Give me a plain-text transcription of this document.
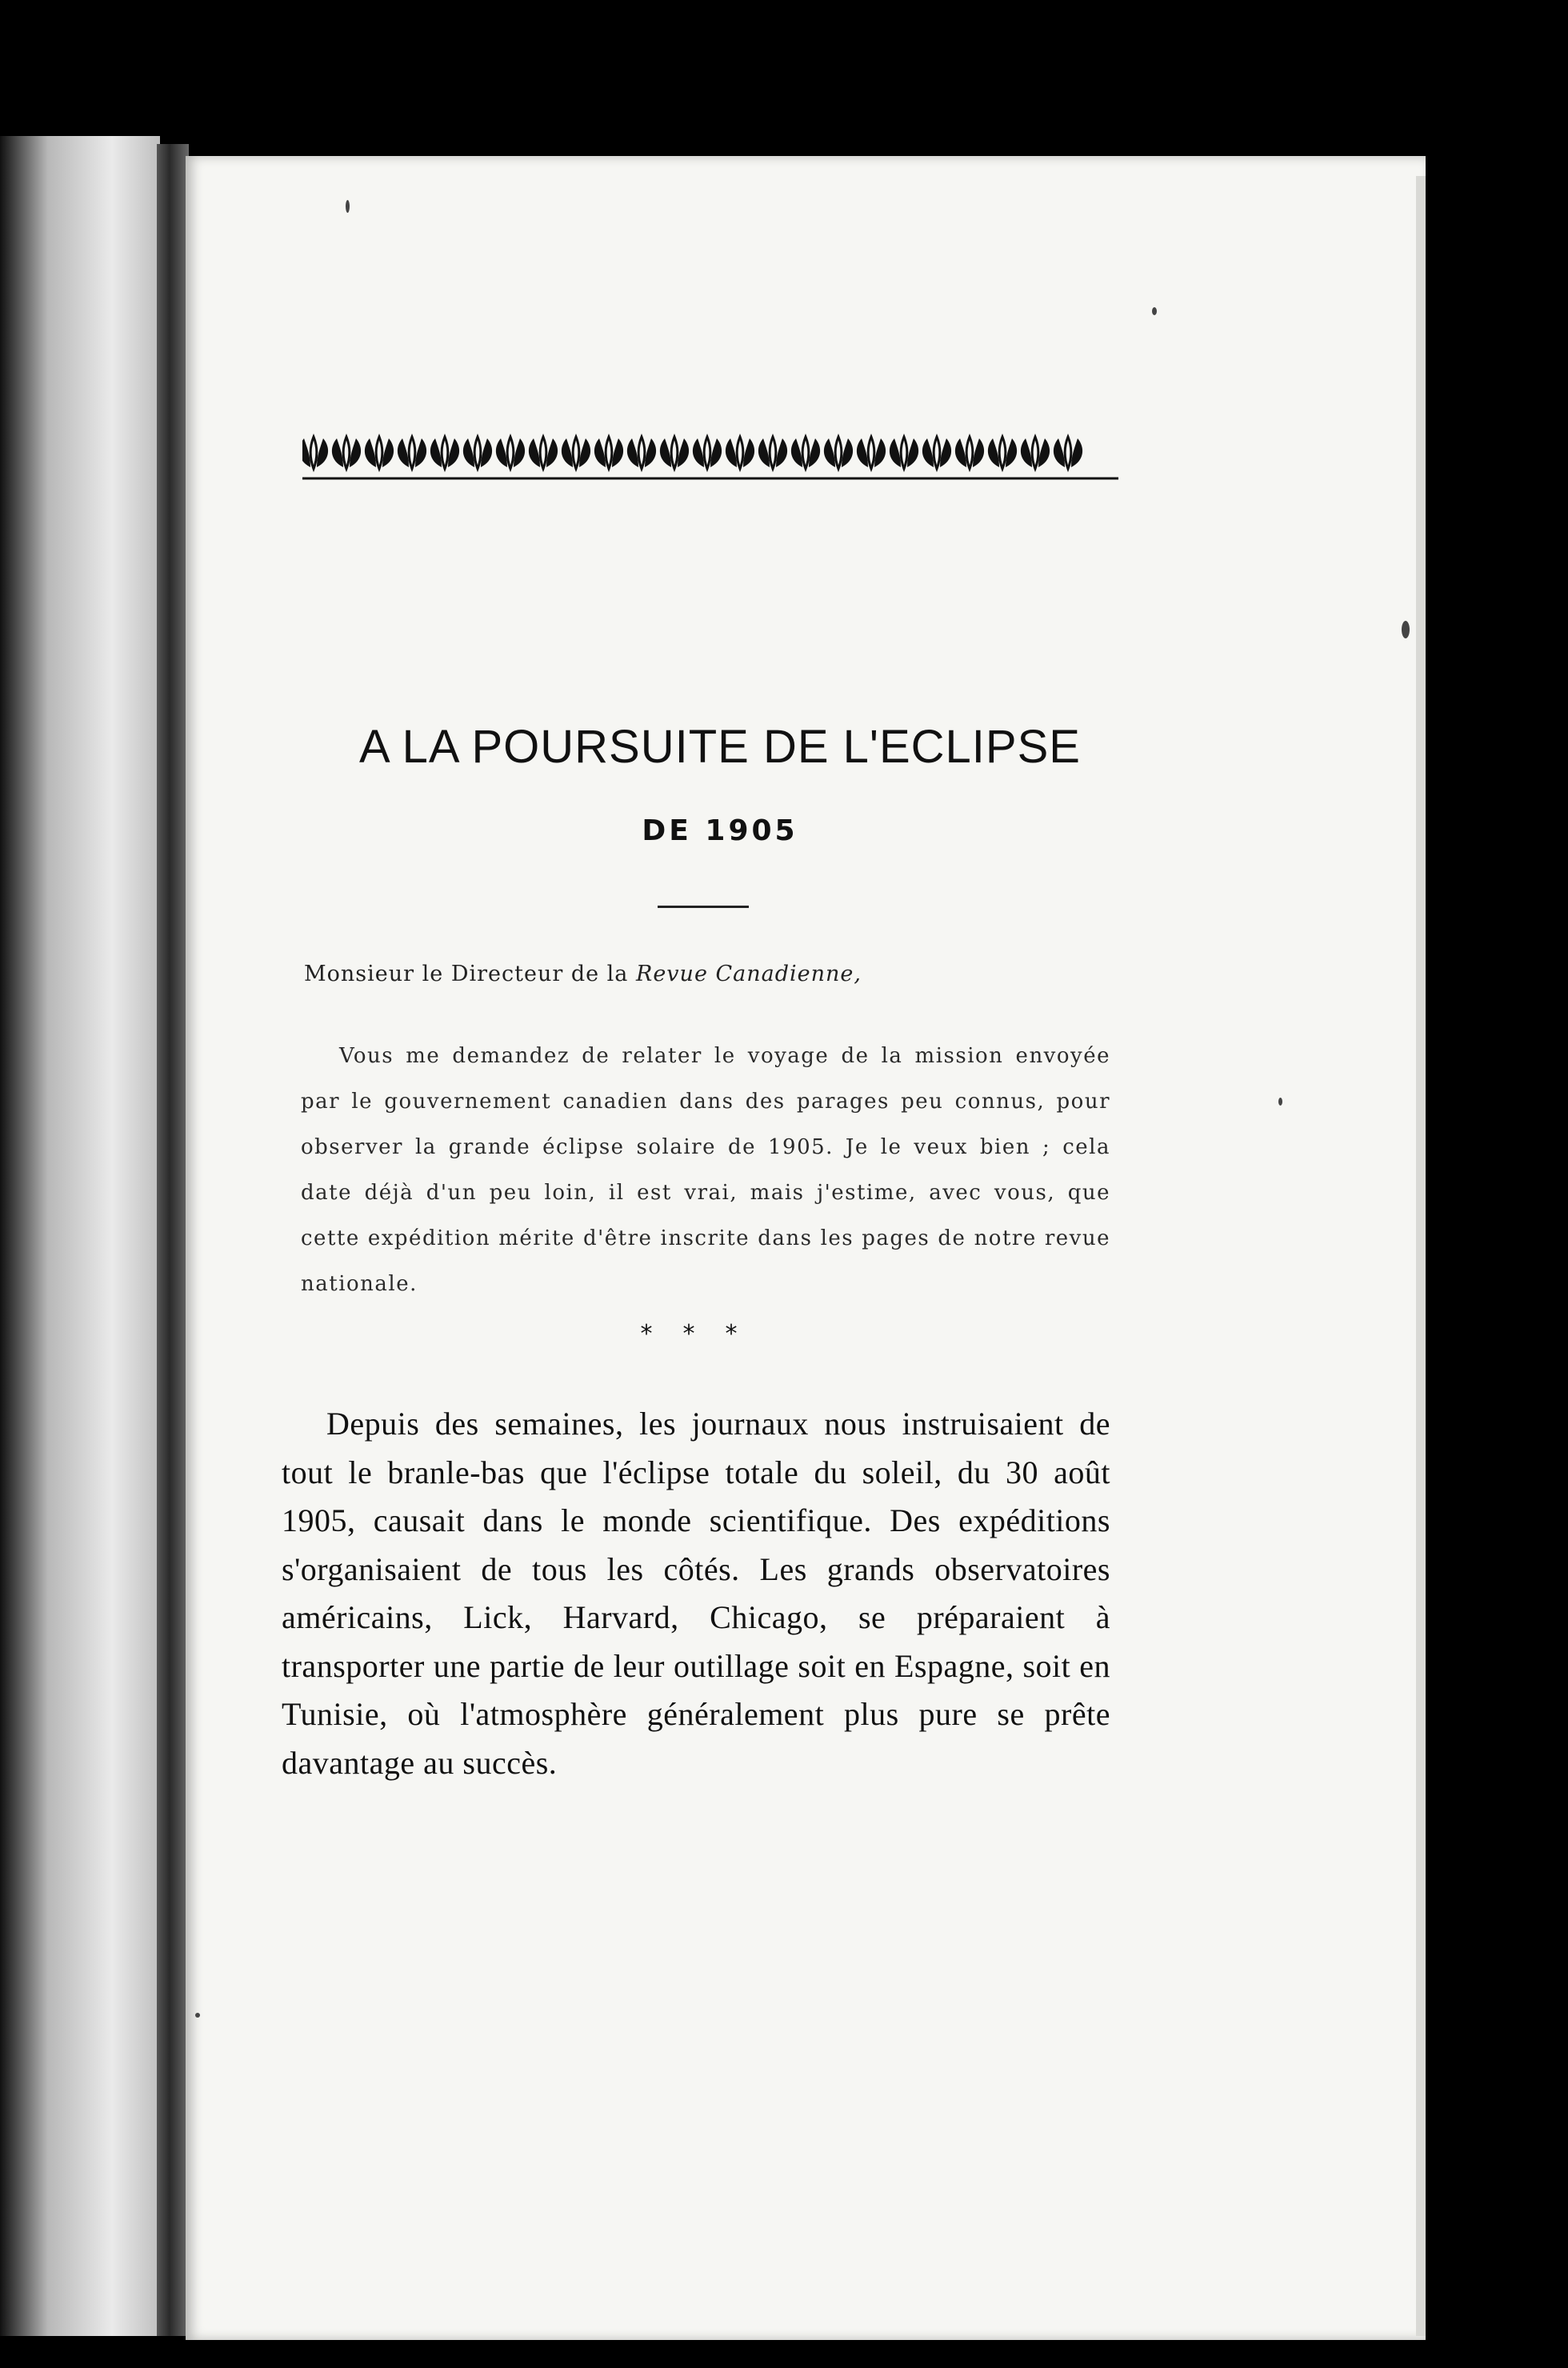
A LA POURSUITE DE L'ECLIPSE
DE 1905

Monsieur le Directeur de la Revue Canadienne,

Vous me demandez de relater le voyage de la mission envoyée par le gouvernement canadien dans des parages peu connus, pour observer la grande éclipse solaire de 1905. Je le veux bien ; cela date déjà d'un peu loin, il est vrai, mais j'estime, avec vous, que cette expédition mérite d'être inscrite dans les pages de notre revue nationale.

***

Depuis des semaines, les journaux nous instruisaient de tout le branle-bas que l'éclipse totale du soleil, du 30 août 1905, causait dans le monde scientifique. Des expéditions s'organisaient de tous les côtés. Les grands observatoires américains, Lick, Harvard, Chicago, se préparaient à transporter une partie de leur outillage soit en Espagne, soit en Tunisie, où l'atmosphère généralement plus pure se prête davantage au succès.
